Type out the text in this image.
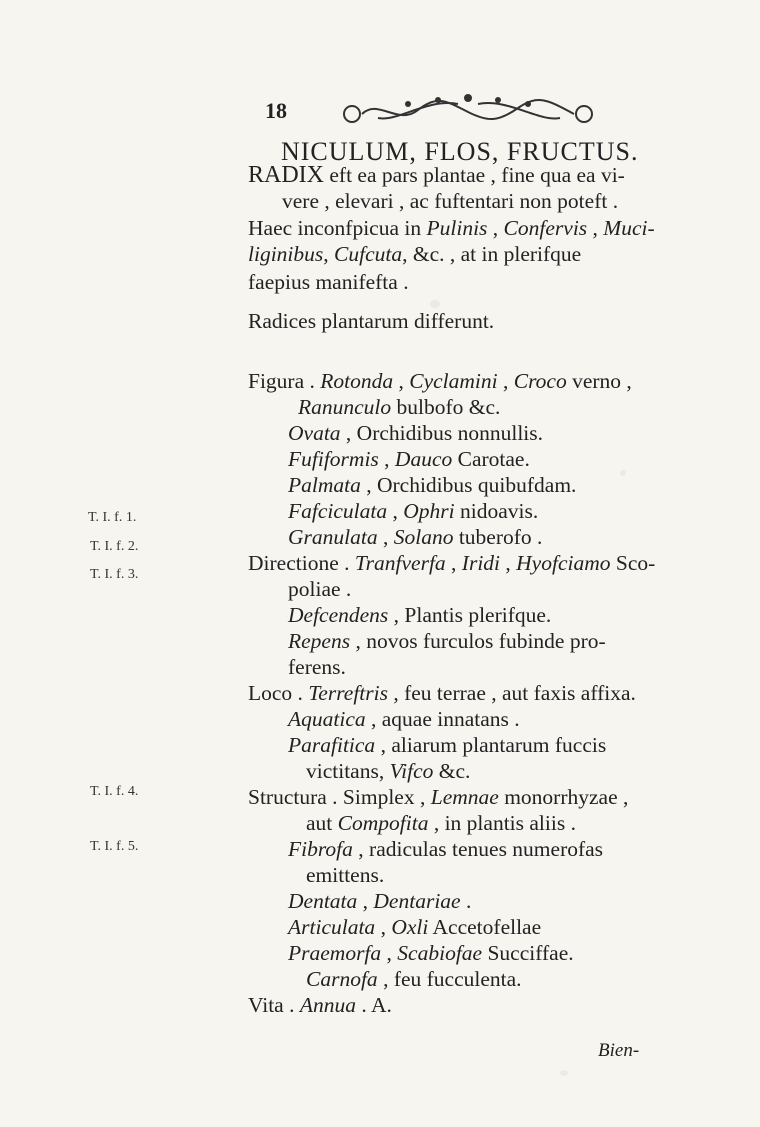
18
NICULUM, FLOS, FRUCTUS.
RADIX eft ea pars plantae , fine qua ea vi-
vere , elevari , ac fuftentari non poteft .
Haec inconfpicua in Pulinis , Confervis , Muci-
liginibus, Cufcuta, &c. , at in plerifque
faepius manifefta .
Radices plantarum differunt.
Figura . Rotonda , Cyclamini , Croco verno ,
Ranunculo bulbofo &c.
Ovata , Orchidibus nonnullis.
Fufiformis , Dauco Carotae.
Palmata , Orchidibus quibufdam.
Fafciculata , Ophri nidoavis.
Granulata , Solano tuberofo .
Directione . Tranfverfa , Iridi , Hyofciamo Sco-
poliae .
Defcendens , Plantis plerifque.
Repens , novos furculos fubinde pro-
ferens.
Loco . Terreftris , feu terrae , aut faxis affixa.
Aquatica , aquae innatans .
Parafitica , aliarum plantarum fuccis
victitans, Vifco &c.
Structura . Simplex , Lemnae monorrhyzae ,
aut Compofita , in plantis aliis .
Fibrofa , radiculas tenues numerofas
emittens.
Dentata , Dentariae .
Articulata , Oxli Accetofellae
Praemorfa , Scabiofae Succiffae.
Carnofa , feu fucculenta.
Vita . Annua . A.
T. I. f. 1.
T. I. f. 2.
T. I. f. 3.
T. I. f. 4.
T. I. f. 5.
Bien-
